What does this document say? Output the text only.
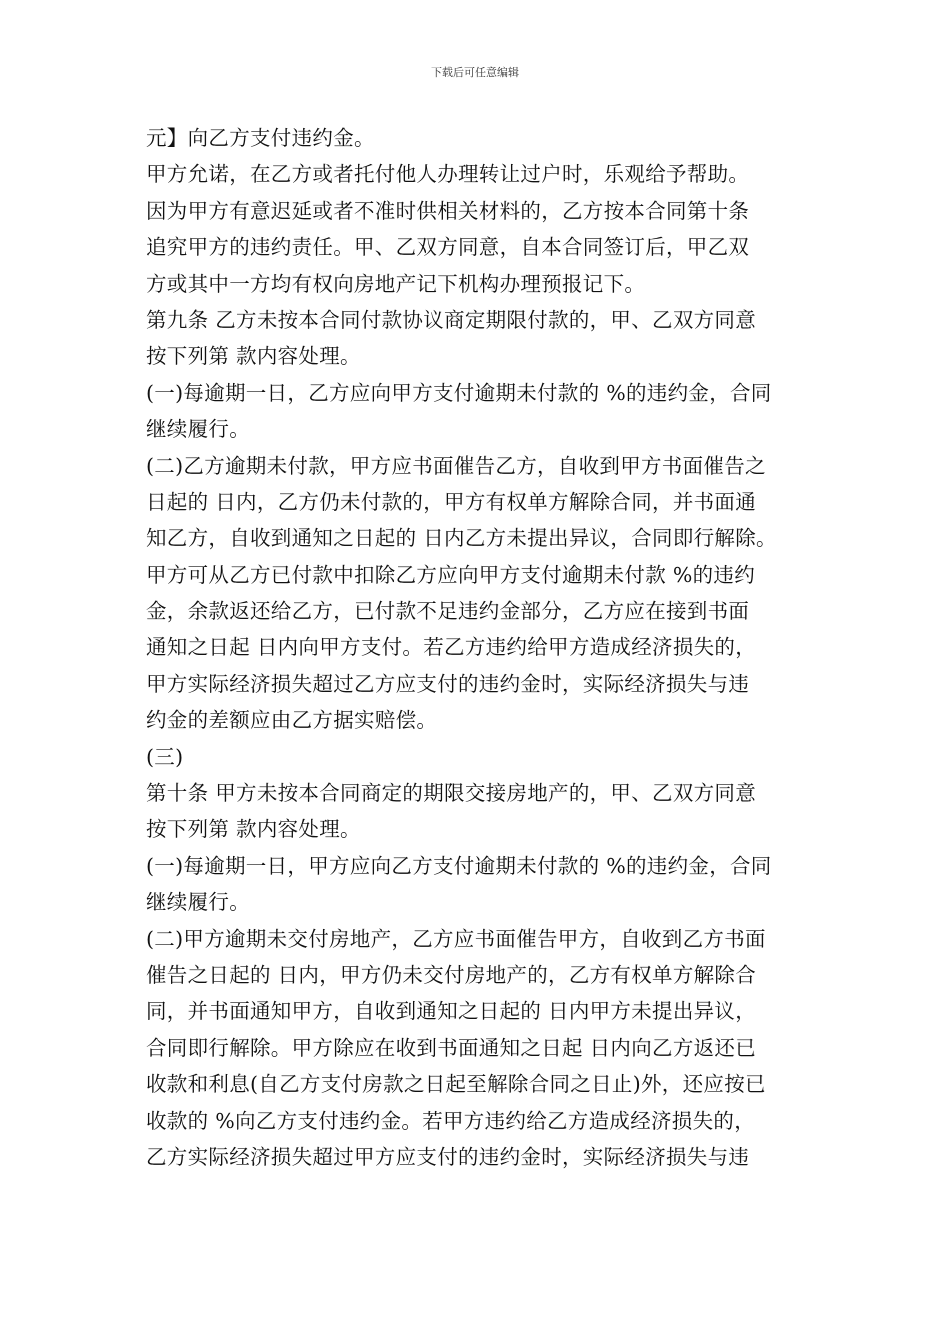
下载后可任意编辑
元】向乙方支付违约金。
甲方允诺，在乙方或者托付他人办理转让过户时，乐观给予帮助。
因为甲方有意迟延或者不准时供相关材料的，乙方按本合同第十条
追究甲方的违约责任。甲、乙双方同意，自本合同签订后，甲乙双
方或其中一方均有权向房地产记下机构办理预报记下。
第九条 乙方未按本合同付款协议商定期限付款的，甲、乙双方同意
按下列第 款内容处理。
(一)每逾期一日，乙方应向甲方支付逾期未付款的 %的违约金，合同
继续履行。
(二)乙方逾期未付款，甲方应书面催告乙方，自收到甲方书面催告之
日起的 日内，乙方仍未付款的，甲方有权单方解除合同，并书面通
知乙方，自收到通知之日起的 日内乙方未提出异议，合同即行解除。
甲方可从乙方已付款中扣除乙方应向甲方支付逾期未付款 %的违约
金，余款返还给乙方，已付款不足违约金部分，乙方应在接到书面
通知之日起 日内向甲方支付。若乙方违约给甲方造成经济损失的，
甲方实际经济损失超过乙方应支付的违约金时，实际经济损失与违
约金的差额应由乙方据实赔偿。
(三)
第十条 甲方未按本合同商定的期限交接房地产的，甲、乙双方同意
按下列第 款内容处理。
(一)每逾期一日，甲方应向乙方支付逾期未付款的 %的违约金，合同
继续履行。
(二)甲方逾期未交付房地产，乙方应书面催告甲方，自收到乙方书面
催告之日起的 日内，甲方仍未交付房地产的，乙方有权单方解除合
同，并书面通知甲方，自收到通知之日起的 日内甲方未提出异议，
合同即行解除。甲方除应在收到书面通知之日起 日内向乙方返还已
收款和利息(自乙方支付房款之日起至解除合同之日止)外，还应按已
收款的 %向乙方支付违约金。若甲方违约给乙方造成经济损失的，
乙方实际经济损失超过甲方应支付的违约金时，实际经济损失与违
